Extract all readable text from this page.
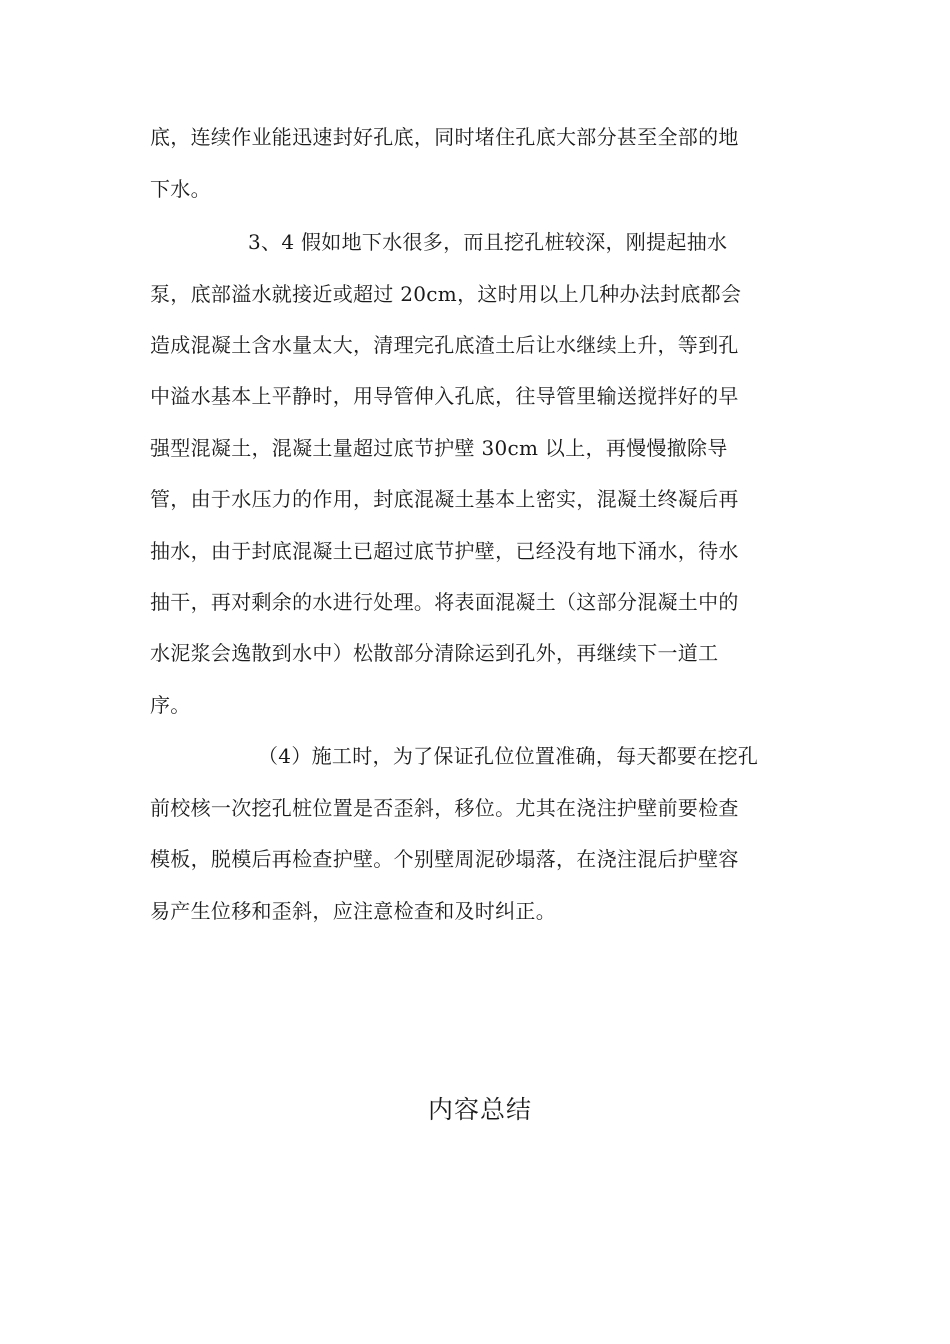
底，连续作业能迅速封好孔底，同时堵住孔底大部分甚至全部的地
下水。
3、4 假如地下水很多，而且挖孔桩较深，刚提起抽水
泵，底部溢水就接近或超过 20cm，这时用以上几种办法封底都会
造成混凝土含水量太大，清理完孔底渣土后让水继续上升，等到孔
中溢水基本上平静时，用导管伸入孔底，往导管里输送搅拌好的早
强型混凝土，混凝土量超过底节护壁 30cm 以上，再慢慢撤除导
管，由于水压力的作用，封底混凝土基本上密实，混凝土终凝后再
抽水，由于封底混凝土已超过底节护壁，已经没有地下涌水，待水
抽干，再对剩余的水进行处理。将表面混凝土（这部分混凝土中的
水泥浆会逸散到水中）松散部分清除运到孔外，再继续下一道工
序。
（4）施工时，为了保证孔位位置准确，每天都要在挖孔
前校核一次挖孔桩位置是否歪斜，移位。尤其在浇注护壁前要检查
模板，脱模后再检查护壁。个别壁周泥砂塌落，在浇注混后护壁容
易产生位移和歪斜，应注意检查和及时纠正。
内容总结
